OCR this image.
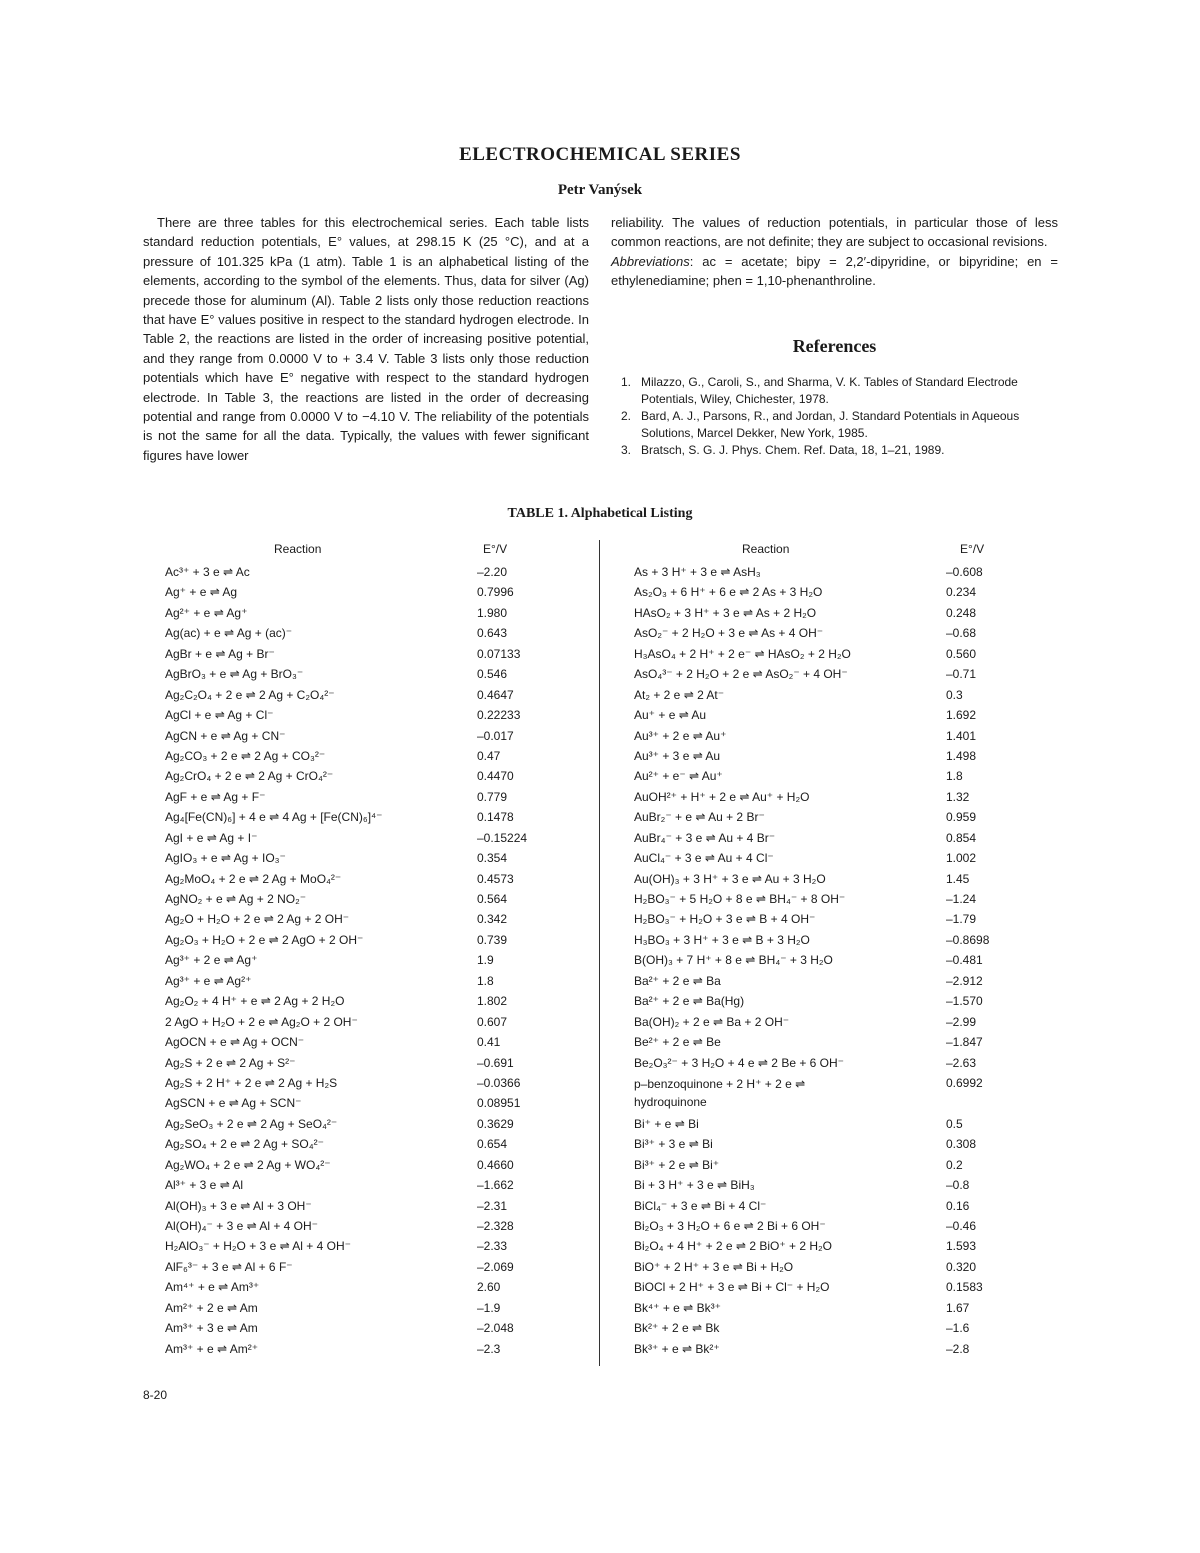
ELECTROCHEMICAL SERIES
Petr Vanýsek
There are three tables for this electrochemical series. Each table lists standard reduction potentials, E° values, at 298.15 K (25 °C), and at a pressure of 101.325 kPa (1 atm). Table 1 is an alphabetical listing of the elements, according to the symbol of the elements. Thus, data for silver (Ag) precede those for aluminum (Al). Table 2 lists only those reduction reactions that have E° values positive in respect to the standard hydrogen electrode. In Table 2, the reactions are listed in the order of increasing positive potential, and they range from 0.0000 V to + 3.4 V. Table 3 lists only those reduction potentials which have E° negative with respect to the standard hydrogen electrode. In Table 3, the reactions are listed in the order of decreasing potential and range from 0.0000 V to −4.10 V. The reliability of the potentials is not the same for all the data. Typically, the values with fewer significant figures have lower

reliability. The values of reduction potentials, in particular those of less common reactions, are not definite; they are subject to occasional revisions.

Abbreviations: ac = acetate; bipy = 2,2′-dipyridine, or bipyridine; en = ethylenediamine; phen = 1,10-phenanthroline.

References
1. Milazzo, G., Caroli, S., and Sharma, V. K. Tables of Standard Electrode Potentials, Wiley, Chichester, 1978.
2. Bard, A. J., Parsons, R., and Jordan, J. Standard Potentials in Aqueous Solutions, Marcel Dekker, New York, 1985.
3. Bratsch, S. G. J. Phys. Chem. Ref. Data, 18, 1–21, 1989.
TABLE 1. Alphabetical Listing
Reaction	E°/V	Reaction	E°/V
Ac³⁺ + 3 e ⇌ Ac	–2.20
Ag⁺ + e ⇌ Ag	0.7996
Ag²⁺ + e ⇌ Ag⁺	1.980
Ag(ac) + e ⇌ Ag + (ac)⁻	0.643
AgBr + e ⇌ Ag + Br⁻	0.07133
AgBrO₃ + e ⇌ Ag + BrO₃⁻	0.546
Ag₂C₂O₄ + 2 e ⇌ 2 Ag + C₂O₄²⁻	0.4647
AgCl + e ⇌ Ag + Cl⁻	0.22233
AgCN + e ⇌ Ag + CN⁻	–0.017
Ag₂CO₃ + 2 e ⇌ 2 Ag + CO₃²⁻	0.47
Ag₂CrO₄ + 2 e ⇌ 2 Ag + CrO₄²⁻	0.4470
AgF + e ⇌ Ag + F⁻	0.779
Ag₄[Fe(CN)₆] + 4 e ⇌ 4 Ag + [Fe(CN)₆]⁴⁻	0.1478
AgI + e ⇌ Ag + I⁻	–0.15224
AgIO₃ + e ⇌ Ag + IO₃⁻	0.354
Ag₂MoO₄ + 2 e ⇌ 2 Ag + MoO₄²⁻	0.4573
AgNO₂ + e ⇌ Ag + 2 NO₂⁻	0.564
Ag₂O + H₂O + 2 e ⇌ 2 Ag + 2 OH⁻	0.342
Ag₂O₃ + H₂O + 2 e ⇌ 2 AgO + 2 OH⁻	0.739
Ag³⁺ + 2 e ⇌ Ag⁺	1.9
Ag³⁺ + e ⇌ Ag²⁺	1.8
Ag₂O₂ + 4 H⁺ + e ⇌ 2 Ag + 2 H₂O	1.802
2 AgO + H₂O + 2 e ⇌ Ag₂O + 2 OH⁻	0.607
AgOCN + e ⇌ Ag + OCN⁻	0.41
Ag₂S + 2 e ⇌ 2 Ag + S²⁻	–0.691
Ag₂S + 2 H⁺ + 2 e ⇌ 2 Ag + H₂S	–0.0366
AgSCN + e ⇌ Ag + SCN⁻	0.08951
Ag₂SeO₃ + 2 e ⇌ 2 Ag + SeO₄²⁻	0.3629
Ag₂SO₄ + 2 e ⇌ 2 Ag + SO₄²⁻	0.654
Ag₂WO₄ + 2 e ⇌ 2 Ag + WO₄²⁻	0.4660
Al³⁺ + 3 e ⇌ Al	–1.662
Al(OH)₃ + 3 e ⇌ Al + 3 OH⁻	–2.31
Al(OH)₄⁻ + 3 e ⇌ Al + 4 OH⁻	–2.328
H₂AlO₃⁻ + H₂O + 3 e ⇌ Al + 4 OH⁻	–2.33
AlF₆³⁻ + 3 e ⇌ Al + 6 F⁻	–2.069
Am⁴⁺ + e ⇌ Am³⁺	2.60
Am²⁺ + 2 e ⇌ Am	–1.9
Am³⁺ + 3 e ⇌ Am	–2.048
Am³⁺ + e ⇌ Am²⁺	–2.3
As + 3 H⁺ + 3 e ⇌ AsH₃	–0.608
As₂O₃ + 6 H⁺ + 6 e ⇌ 2 As + 3 H₂O	0.234
HAsO₂ + 3 H⁺ + 3 e ⇌ As + 2 H₂O	0.248
AsO₂⁻ + 2 H₂O + 3 e ⇌ As + 4 OH⁻	–0.68
H₃AsO₄ + 2 H⁺ + 2 e⁻ ⇌ HAsO₂ + 2 H₂O	0.560
AsO₄³⁻ + 2 H₂O + 2 e ⇌ AsO₂⁻ + 4 OH⁻	–0.71
At₂ + 2 e ⇌ 2 At⁻	0.3
Au⁺ + e ⇌ Au	1.692
Au³⁺ + 2 e ⇌ Au⁺	1.401
Au³⁺ + 3 e ⇌ Au	1.498
Au²⁺ + e⁻ ⇌ Au⁺	1.8
AuOH²⁺ + H⁺ + 2 e ⇌ Au⁺ + H₂O	1.32
AuBr₂⁻ + e ⇌ Au + 2 Br⁻	0.959
AuBr₄⁻ + 3 e ⇌ Au + 4 Br⁻	0.854
AuCl₄⁻ + 3 e ⇌ Au + 4 Cl⁻	1.002
Au(OH)₃ + 3 H⁺ + 3 e ⇌ Au + 3 H₂O	1.45
H₂BO₃⁻ + 5 H₂O + 8 e ⇌ BH₄⁻ + 8 OH⁻	–1.24
H₂BO₃⁻ + H₂O + 3 e ⇌ B + 4 OH⁻	–1.79
H₃BO₃ + 3 H⁺ + 3 e ⇌ B + 3 H₂O	–0.8698
B(OH)₃ + 7 H⁺ + 8 e ⇌ BH₄⁻ + 3 H₂O	–0.481
Ba²⁺ + 2 e ⇌ Ba	–2.912
Ba²⁺ + 2 e ⇌ Ba(Hg)	–1.570
Ba(OH)₂ + 2 e ⇌ Ba + 2 OH⁻	–2.99
Be²⁺ + 2 e ⇌ Be	–1.847
Be₂O₃²⁻ + 3 H₂O + 4 e ⇌ 2 Be + 6 OH⁻	–2.63
p–benzoquinone + 2 H⁺ + 2 e ⇌ hydroquinone
0.6992
Bi⁺ + e ⇌ Bi	0.5
Bi³⁺ + 3 e ⇌ Bi	0.308
Bi³⁺ + 2 e ⇌ Bi⁺	0.2
Bi + 3 H⁺ + 3 e ⇌ BiH₃	–0.8
BiCl₄⁻ + 3 e ⇌ Bi + 4 Cl⁻	0.16
Bi₂O₃ + 3 H₂O + 6 e ⇌ 2 Bi + 6 OH⁻	–0.46
Bi₂O₄ + 4 H⁺ + 2 e ⇌ 2 BiO⁺ + 2 H₂O	1.593
BiO⁺ + 2 H⁺ + 3 e ⇌ Bi + H₂O	0.320
BiOCl + 2 H⁺ + 3 e ⇌ Bi + Cl⁻ + H₂O	0.1583
Bk⁴⁺ + e ⇌ Bk³⁺	1.67
Bk²⁺ + 2 e ⇌ Bk	–1.6
Bk³⁺ + e ⇌ Bk²⁺	–2.8
8-20
